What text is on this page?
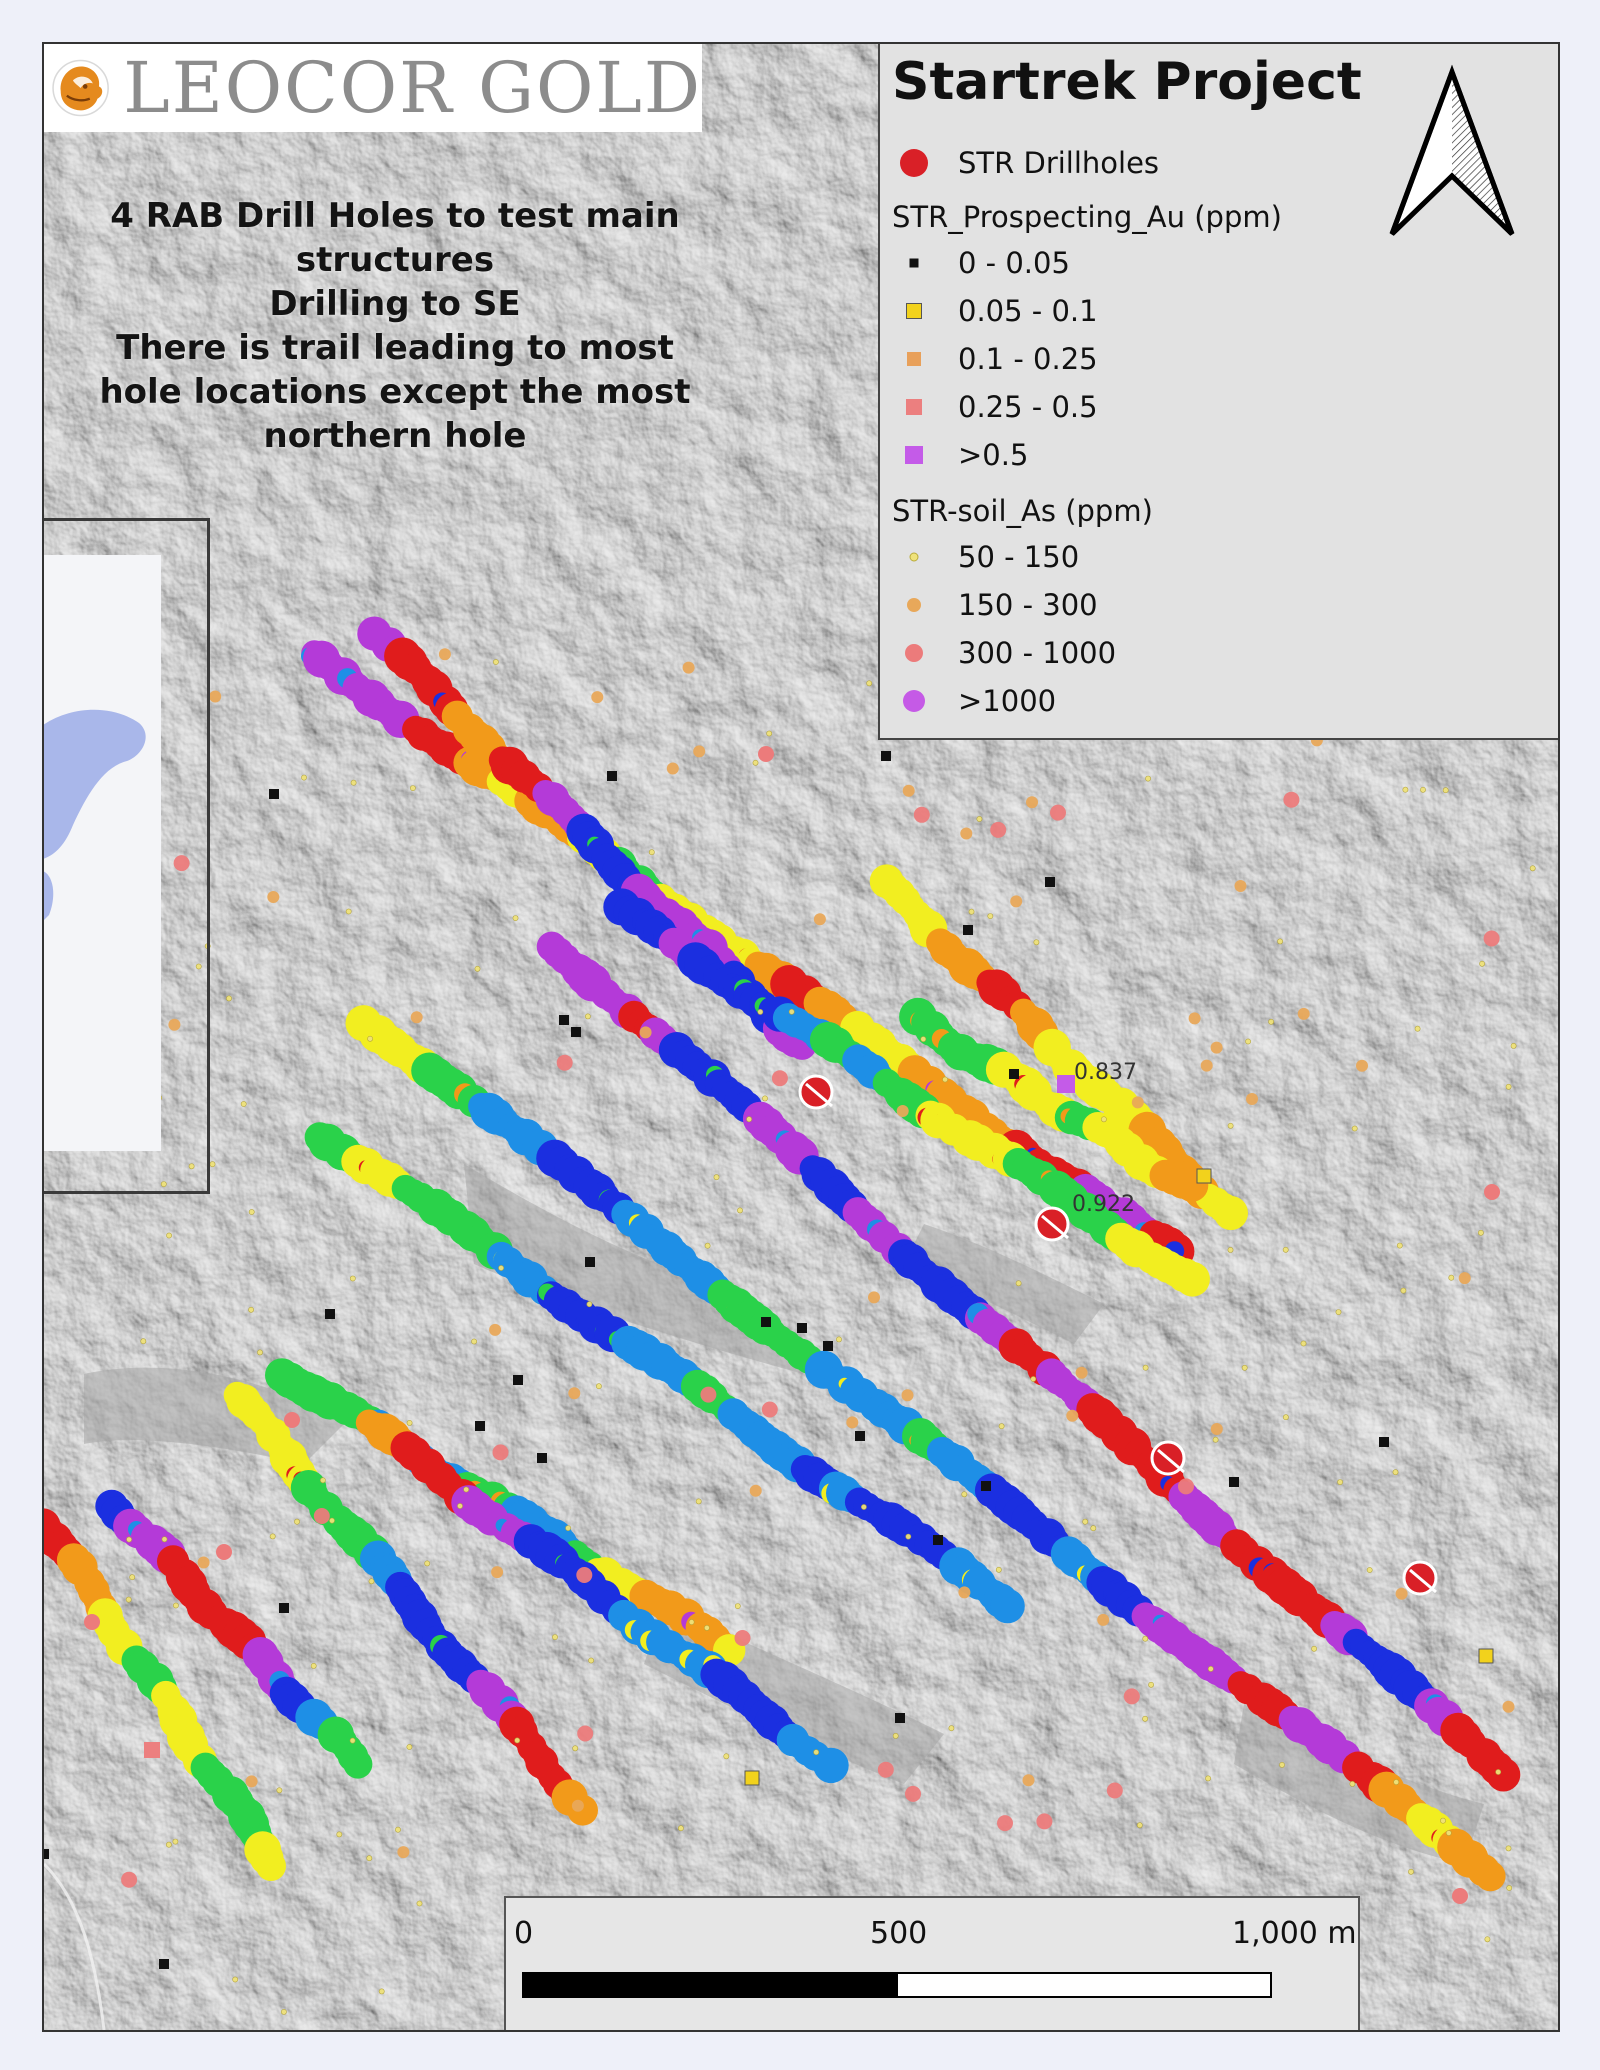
LEOCOR GOLD
4 RAB Drill Holes to test main
structures
Drilling to SE
There is trail leading to most
hole locations except the most
northern hole
0.837
0.922
Startrek Project
STR Drillholes
STR_Prospecting_Au (ppm)
0 - 0.05
0.05 - 0.1
0.1 - 0.25
0.25 - 0.5
>0.5
STR-soil_As (ppm)
50 - 150
150 - 300
300 - 1000
>1000
0	500	1,000 m
